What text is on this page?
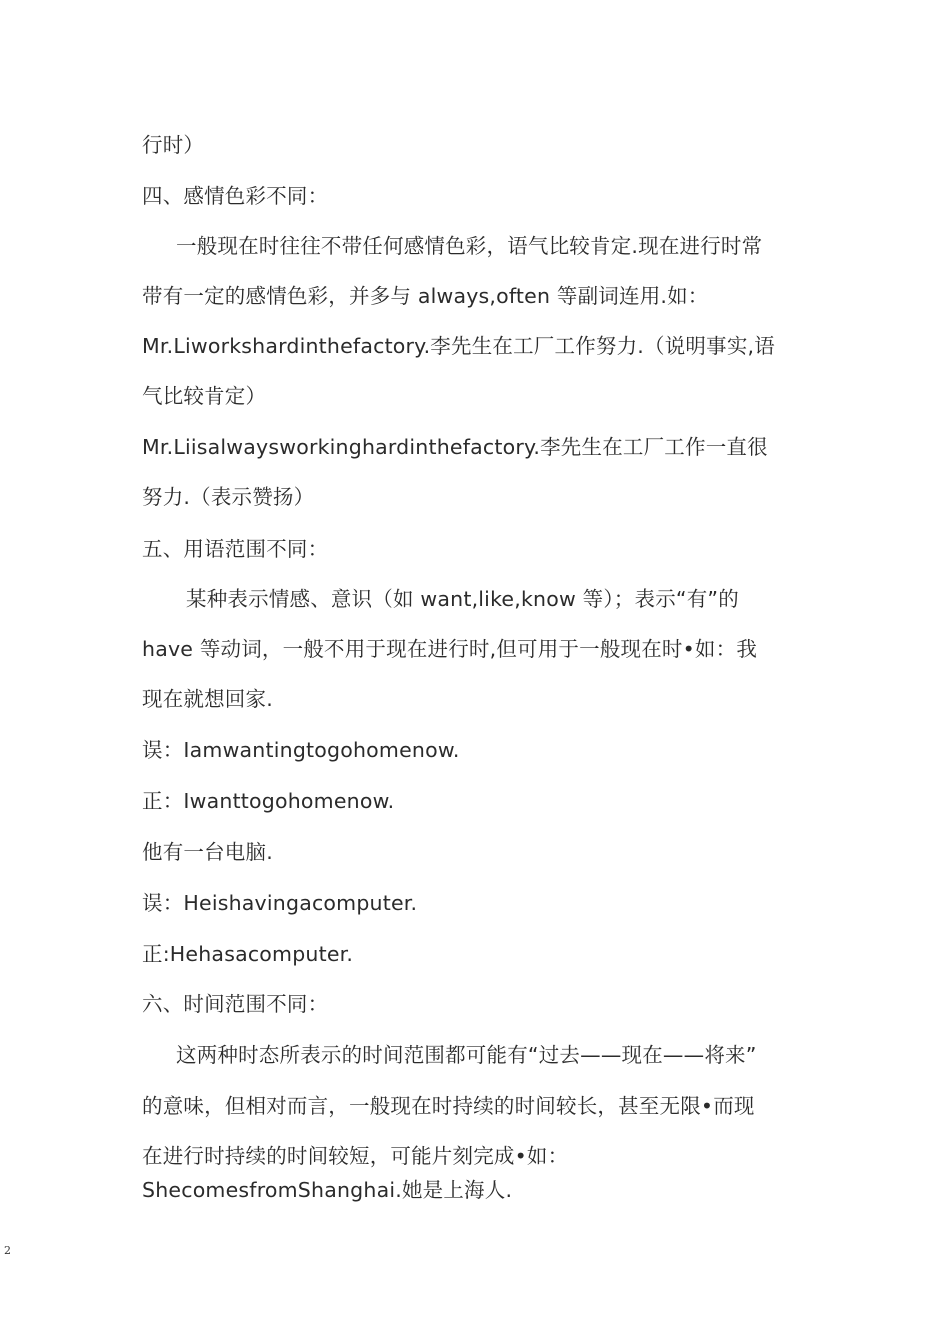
行时）
四、感情色彩不同：
一般现在时往往不带任何感情色彩，语气比较肯定.现在进行时常
带有一定的感情色彩，并多与 always,often 等副词连用.如：
Mr.Liworkshardinthefactory.李先生在工厂工作努力.（说明事实,语
气比较肯定）
Mr.Liisalwaysworkinghardinthefactory.李先生在工厂工作一直很
努力.（表示赞扬）
五、用语范围不同：
某种表示情感、意识（如 want,like,know 等）；表示“有”的
have 等动词，一般不用于现在进行时,但可用于一般现在时•如：我
现在就想回家.
误：Iamwantingtogohomenow.
正：Iwanttogohomenow.
他有一台电脑.
误：Heishavingacomputer.
正:Hehasacomputer.
六、时间范围不同：
这两种时态所表示的时间范围都可能有“过去——现在——将来”
的意味，但相对而言，一般现在时持续的时间较长，甚至无限•而现
在进行时持续的时间较短，可能片刻完成•如：
ShecomesfromShanghai.她是上海人.
2
